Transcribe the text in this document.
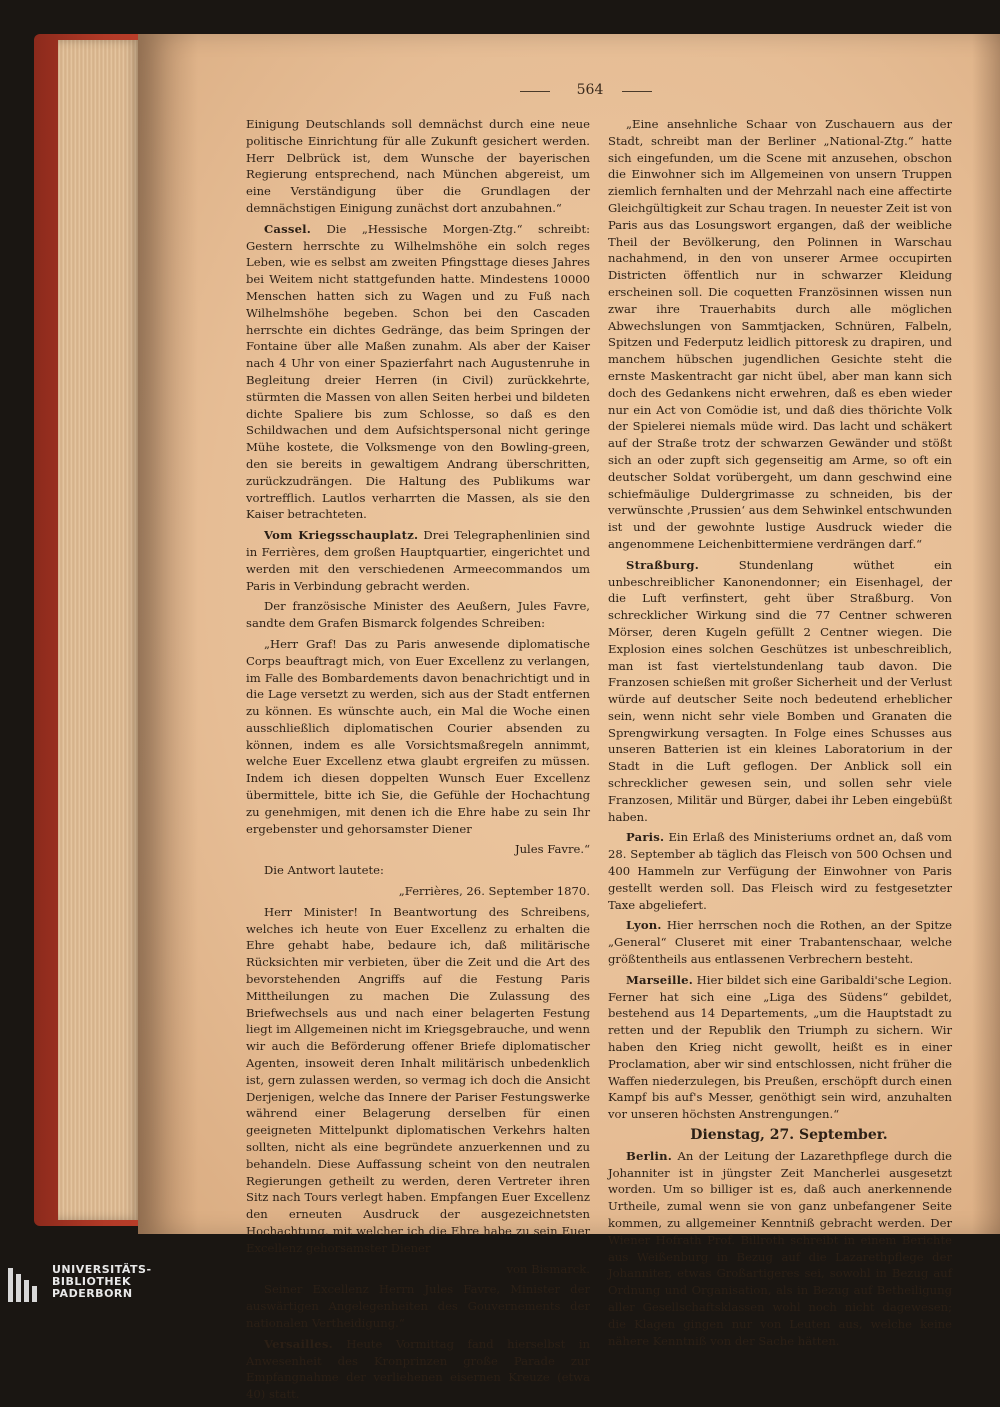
564

Einigung Deutschlands soll demnächst durch eine neue politische Einrichtung für alle Zukunft gesichert werden. Herr Delbrück ist, dem Wunsche der bayerischen Regierung entsprechend, nach München abgereist, um eine Verständigung über die Grundlagen der demnächstigen Einigung zunächst dort anzubahnen.“

Cassel. Die „Hessische Morgen-Ztg.“ schreibt: Gestern herrschte zu Wilhelmshöhe ein solch reges Leben, wie es selbst am zweiten Pfingsttage dieses Jahres bei Weitem nicht stattgefunden hatte. Mindestens 10000 Menschen hatten sich zu Wagen und zu Fuß nach Wilhelmshöhe begeben. Schon bei den Cascaden herrschte ein dichtes Gedränge, das beim Springen der Fontaine über alle Maßen zunahm. Als aber der Kaiser nach 4 Uhr von einer Spazierfahrt nach Augustenruhe in Begleitung dreier Herren (in Civil) zurückkehrte, stürmten die Massen von allen Seiten herbei und bildeten dichte Spaliere bis zum Schlosse, so daß es den Schildwachen und dem Aufsichtspersonal nicht geringe Mühe kostete, die Volksmenge von den Bowling-green, den sie bereits in gewaltigem Andrang überschritten, zurückzudrängen. Die Haltung des Publikums war vortrefflich. Lautlos verharrten die Massen, als sie den Kaiser betrachteten.

Vom Kriegsschauplatz. Drei Telegraphenlinien sind in Ferrières, dem großen Hauptquartier, eingerichtet und werden mit den verschiedenen Armeecommandos um Paris in Verbindung gebracht werden.

Der französische Minister des Aeußern, Jules Favre, sandte dem Grafen Bismarck folgendes Schreiben:

„Herr Graf! Das zu Paris anwesende diplomatische Corps beauftragt mich, von Euer Excellenz zu verlangen, im Falle des Bombardements davon benachrichtigt und in die Lage versetzt zu werden, sich aus der Stadt entfernen zu können. Es wünschte auch, ein Mal die Woche einen ausschließlich diplomatischen Courier absenden zu können, indem es alle Vorsichtsmaßregeln annimmt, welche Euer Excellenz etwa glaubt ergreifen zu müssen. Indem ich diesen doppelten Wunsch Euer Excellenz übermittele, bitte ich Sie, die Gefühle der Hochachtung zu genehmigen, mit denen ich die Ehre habe zu sein Ihr ergebenster und gehorsamster Diener

Jules Favre.“

Die Antwort lautete:

„Ferrières, 26. September 1870.

Herr Minister! In Beantwortung des Schreibens, welches ich heute von Euer Excellenz zu erhalten die Ehre gehabt habe, bedaure ich, daß militärische Rücksichten mir verbieten, über die Zeit und die Art des bevorstehenden Angriffs auf die Festung Paris Mittheilungen zu machen Die Zulassung des Briefwechsels aus und nach einer belagerten Festung liegt im Allgemeinen nicht im Kriegsgebrauche, und wenn wir auch die Beförderung offener Briefe diplomatischer Agenten, insoweit deren Inhalt militärisch unbedenklich ist, gern zulassen werden, so vermag ich doch die Ansicht Derjenigen, welche das Innere der Pariser Festungswerke während einer Belagerung derselben für einen geeigneten Mittelpunkt diplomatischen Verkehrs halten sollten, nicht als eine begründete anzuerkennen und zu behandeln. Diese Auffassung scheint von den neutralen Regierungen getheilt zu werden, deren Vertreter ihren Sitz nach Tours verlegt haben. Empfangen Euer Excellenz den erneuten Ausdruck der ausgezeichnetsten Hochachtung, mit welcher ich die Ehre habe zu sein Euer Excellenz gehorsamster Diener

von Bismarck.

Seiner Excellenz Herrn Jules Favre, Minister der auswärtigen Angelegenheiten des Gouvernements der nationalen Vertheidigung.“

Versailles. Heute Vormittag fand hierselbst in Anwesenheit des Kronprinzen große Parade zur Empfangnahme der verliehenen eisernen Kreuze (etwa 40) statt.

„Eine ansehnliche Schaar von Zuschauern aus der Stadt, schreibt man der Berliner „National-Ztg.“ hatte sich eingefunden, um die Scene mit anzusehen, obschon die Einwohner sich im Allgemeinen von unsern Truppen ziemlich fernhalten und der Mehrzahl nach eine affectirte Gleichgültigkeit zur Schau tragen. In neuester Zeit ist von Paris aus das Losungswort ergangen, daß der weibliche Theil der Bevölkerung, den Polinnen in Warschau nachahmend, in den von unserer Armee occupirten Districten öffentlich nur in schwarzer Kleidung erscheinen soll. Die coquetten Französinnen wissen nun zwar ihre Trauerhabits durch alle möglichen Abwechslungen von Sammtjacken, Schnüren, Falbeln, Spitzen und Federputz leidlich pittoresk zu drapiren, und manchem hübschen jugendlichen Gesichte steht die ernste Maskentracht gar nicht übel, aber man kann sich doch des Gedankens nicht erwehren, daß es eben wieder nur ein Act von Comödie ist, und daß dies thörichte Volk der Spielerei niemals müde wird. Das lacht und schäkert auf der Straße trotz der schwarzen Gewänder und stößt sich an oder zupft sich gegenseitig am Arme, so oft ein deutscher Soldat vorübergeht, um dann geschwind eine schiefmäulige Duldergrimasse zu schneiden, bis der verwünschte ‚Prussien‘ aus dem Sehwinkel entschwunden ist und der gewohnte lustige Ausdruck wieder die angenommene Leichenbittermiene verdrängen darf.“

Straßburg.	Stundenlang wüthet ein unbeschreiblicher Kanonendonner; ein Eisenhagel, der die Luft verfinstert, geht über Straßburg. Von schrecklicher Wirkung sind die 77 Centner schweren Mörser, deren Kugeln gefüllt 2 Centner wiegen. Die Explosion eines solchen Geschützes ist unbeschreiblich, man ist fast viertelstundenlang taub davon. Die Franzosen schießen mit großer Sicherheit und der Verlust würde auf deutscher Seite noch bedeutend erheblicher sein, wenn nicht sehr viele Bomben und Granaten die Sprengwirkung versagten. In Folge eines Schusses aus unseren Batterien ist ein kleines Laboratorium in der Stadt in die Luft geflogen. Der Anblick soll ein schrecklicher gewesen sein, und sollen sehr viele Franzosen, Militär und Bürger, dabei ihr Leben eingebüßt haben.

Paris. Ein Erlaß des Ministeriums ordnet an, daß vom 28. September ab täglich das Fleisch von 500 Ochsen und 400 Hammeln zur Verfügung der Einwohner von Paris gestellt werden soll. Das Fleisch wird zu festgesetzter Taxe abgeliefert.

Lyon. Hier herrschen noch die Rothen, an der Spitze „General“ Cluseret mit einer Trabantenschaar, welche größtentheils aus entlassenen Verbrechern besteht.

Marseille. Hier bildet sich eine Garibaldi'sche Legion. Ferner hat sich eine „Liga des Südens“ gebildet, bestehend aus 14 Departements, „um die Hauptstadt zu retten und der Republik den Triumph zu sichern. Wir haben den Krieg nicht gewollt, heißt es in einer Proclamation, aber wir sind entschlossen, nicht früher die Waffen niederzulegen, bis Preußen, erschöpft durch einen Kampf bis auf's Messer, genöthigt sein wird, anzuhalten vor unseren höchsten Anstrengungen.“

Dienstag, 27. September.

Berlin. An der Leitung der Lazarethpflege durch die Johanniter ist in jüngster Zeit Mancherlei ausgesetzt worden. Um so billiger ist es, daß auch anerkennende Urtheile, zumal wenn sie von ganz unbefangener Seite kommen, zu allgemeiner Kenntniß gebracht werden. Der Wiener Hofrath Prof. Billroth schreibt in einem Berichte aus Weißenburg in Bezug auf die Lazarethpflege der Johanniter, etwas Großartigeres sei, sowohl in Bezug auf Ordnung und Organisation, als in Bezug auf Betheiligung aller Gesellschaftsklassen wohl noch nicht dagewesen; die Klagen gingen nur von Leuten aus, welche keine nähere Kenntniß von der Sache hätten.

UNIVERSITÄTS-
BIBLIOTHEK
PADERBORN
